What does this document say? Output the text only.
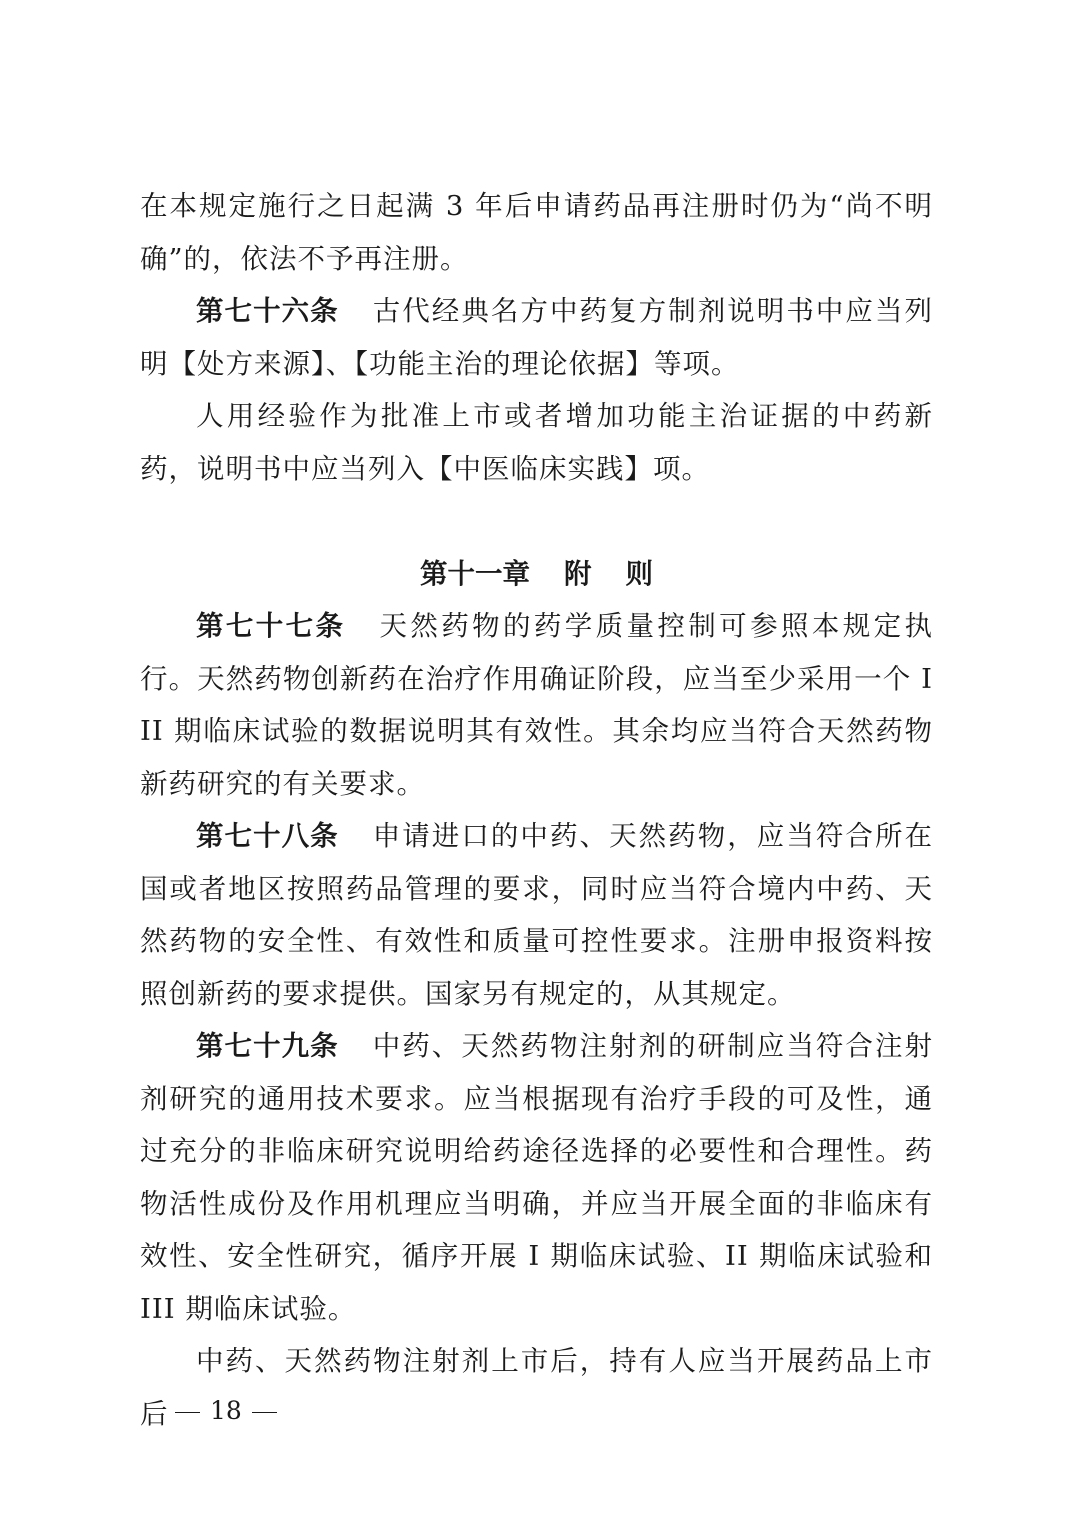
在本规定施行之日起满 3 年后申请药品再注册时仍为“尚不明确”的，依法不予再注册。

第七十六条 古代经典名方中药复方制剂说明书中应当列明【处方来源】、【功能主治的理论依据】等项。

人用经验作为批准上市或者增加功能主治证据的中药新药，说明书中应当列入【中医临床实践】项。

第十一章 附 则

第七十七条 天然药物的药学质量控制可参照本规定执行。天然药物创新药在治疗作用确证阶段，应当至少采用一个 III 期临床试验的数据说明其有效性。其余均应当符合天然药物新药研究的有关要求。

第七十八条 申请进口的中药、天然药物，应当符合所在国或者地区按照药品管理的要求，同时应当符合境内中药、天然药物的安全性、有效性和质量可控性要求。注册申报资料按照创新药的要求提供。国家另有规定的，从其规定。

第七十九条 中药、天然药物注射剂的研制应当符合注射剂研究的通用技术要求。应当根据现有治疗手段的可及性，通过充分的非临床研究说明给药途径选择的必要性和合理性。药物活性成份及作用机理应当明确，并应当开展全面的非临床有效性、安全性研究，循序开展 I 期临床试验、II 期临床试验和 III 期临床试验。

中药、天然药物注射剂上市后，持有人应当开展药品上市后	18
